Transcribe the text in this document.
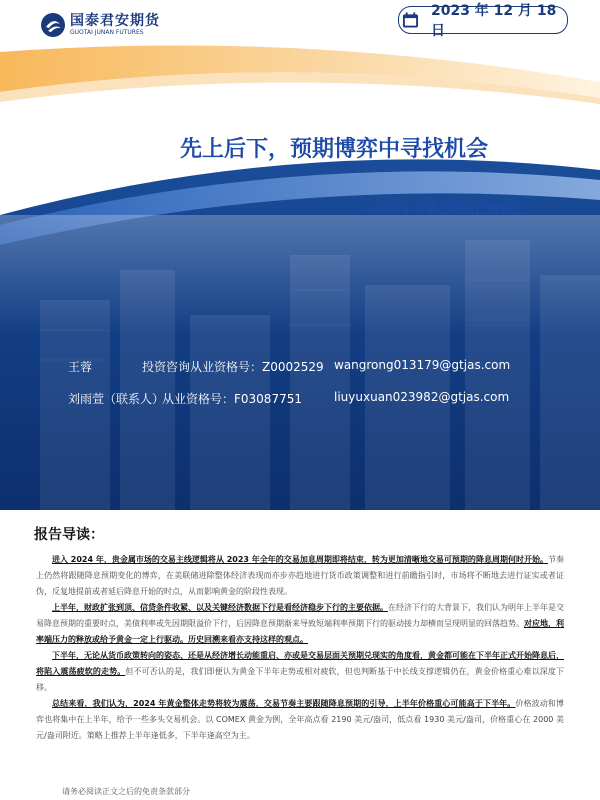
国泰君安期货
GUOTAI JUNAN FUTURES
2023 年 12 月 18 日
先上后下，预期博弈中寻找机会
---2024 年黄金期货行情展望
王蓉	投资咨询从业资格号：Z0002529 wangrong013179@gtjas.com
刘雨萱（联系人）
从业资格号：F03087751	liuyuxuan023982@gtjas.com
报告导读：

进入 2024 年，贵金属市场的交易主线逻辑将从 2023 年全年的交易加息周期即将结束，转为更加清晰地交易可预期的降息周期何时开始。节奏上仍然将跟随降息预期变化的博弈，在美联储进除整体经济表现而亦步亦趋地进行货币政策调整和进行前瞻指引时，市场将不断地去进行证实或者证伪，反复地提前或者延后降息开始的时点，从而影响黄金的阶段性表现。

上半年，财政扩张到顶、信贷条件收紧、以及关键经济数据下行是看经济稳步下行的主要依据。在经济下行的大背景下，我们认为明年上半年是交易降息预期的重要时点，美债利率或先因期限溢价下行，后因降息预期渐来导致短端利率预期下行的驱动接力却横而呈现明显的回落趋势。对应地，利率端压力的释放或给予黄金一定上行驱动。历史回溯来看亦支持这样的观点。

下半年，无论从货币政策转向的姿态、还是从经济增长动能重启、亦或是交易层面关预期兑现实的角度看，黄金都可能在下半年正式开始降息后，将陷入震荡疲软的走势。但不可否认的是，我们即便认为黄金下半年走势或相对疲软，但也判断基于中长线支撑逻辑仍在，黄金价格重心难以深度下移。

总结来看，我们认为，2024 年黄金整体走势将较为震荡，交易节奏主要跟随降息预期的引导，上半年价格重心可能高于下半年。价格波动和博弈也将集中在上半年，给予一些多头交易机会。以 COMEX 黄金为例，全年高点看 2190 美元/盎司，低点看 1930 美元/盎司，价格重心在 2000 美元/盎司附近。策略上推荐上半年逢低多，下半年逢高空为主。

请务必阅读正文之后的免责条款部分
